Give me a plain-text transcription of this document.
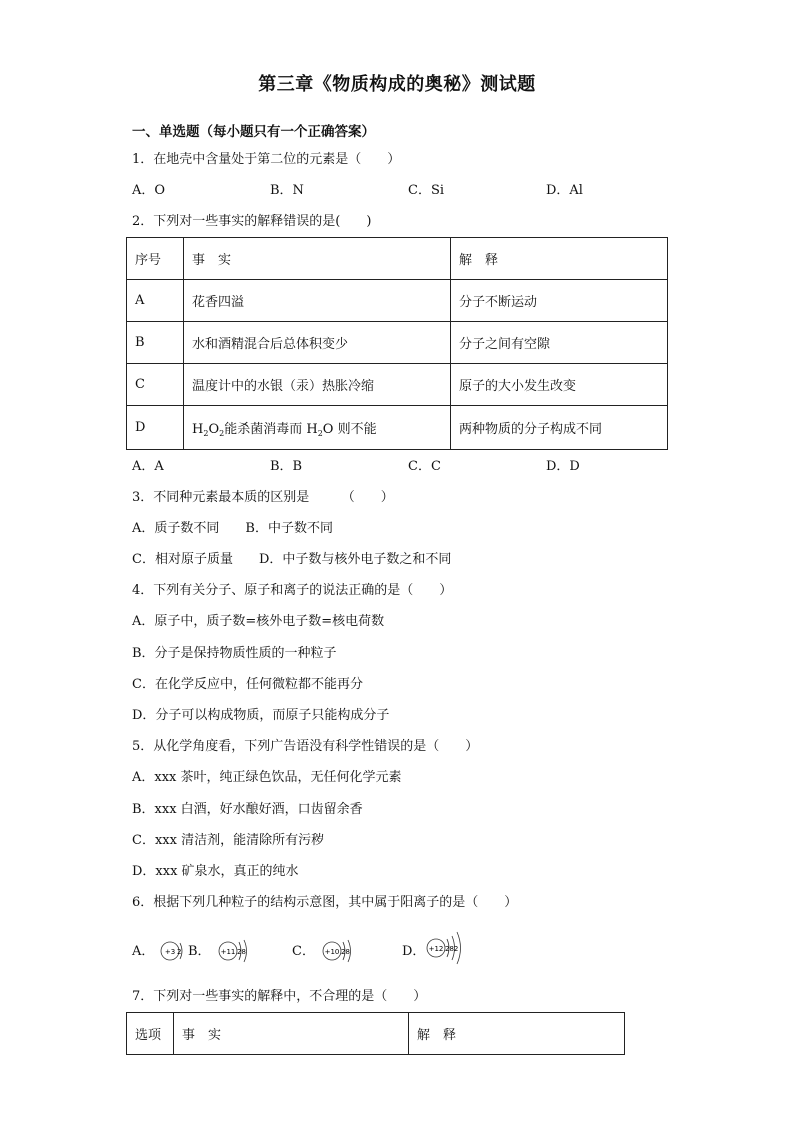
第三章《物质构成的奥秘》测试题
一、单选题（每小题只有一个正确答案）
1．在地壳中含量处于第二位的元素是（　　）
A．O	B．N	C．Si	D．Al
2．下列对一些事实的解释错误的是(　　)
序号	事　实	解　释
A	花香四溢	分子不断运动
B	水和酒精混合后总体积变少	分子之间有空隙
C	温度计中的水银（汞）热胀冷缩	原子的大小发生改变
D	$H_2O_2$能杀菌消毒而 $H_2O$ 则不能	两种物质的分子构成不同
A．A	B．B	C．C	D．D
3．不同种元素最本质的区别是　　　（　　）
A．质子数不同　　B．中子数不同
C．相对原子质量　　D．中子数与核外电子数之和不同
4．下列有关分子、原子和离子的说法正确的是（　　）
A．原子中，质子数=核外电子数=核电荷数
B．分子是保持物质性质的一种粒子
C．在化学反应中，任何微粒都不能再分
D．分子可以构成物质，而原子只能构成分子
5．从化学角度看，下列广告语没有科学性错误的是（　　）
A．xxx 茶叶，纯正绿色饮品，无任何化学元素
B．xxx 白酒，好水酿好酒，口齿留余香
C．xxx 清洁剂，能清除所有污秽
D．xxx 矿泉水，真正的纯水
6．根据下列几种粒子的结构示意图，其中属于阳离子的是（　　）
A． +3 2 B． +11 28	C． +10 28	D． +12 282
7．下列对一些事实的解释中，不合理的是（　　）
选项	事　实	解　释
